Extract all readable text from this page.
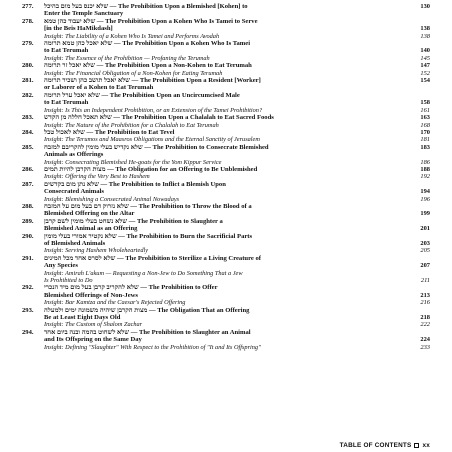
277.	שלא יכנס בעל מום בהיכל — The Prohibition Upon a Blemished [Kohen] to	130
Enter the Temple Sanctuary
278.	שלא יעבוד כהן טמא — The Prohibition Upon a Kohen Who Is Tamei to Serve
[in the Beis HaMikdash]	138
Insight: The Liability of a Kohen Who Is Tamei and Performs Avodah	138
279.	שלא יאכל כהן טמא תרומה — The Prohibition Upon a Kohen Who Is Tamei
to Eat Terumah	140
Insight: The Essence of the Prohibition — Profaning the Terumah	145
280.	שלא יאכל זר תרומה — The Prohibition Upon a Non-Kohen to Eat Terumah	147
Insight: The Financial Obligation of a Non-Kohen for Eating Terumah	152
281.	שלא יאכל תושב כהן ושכיר תרומה — The Prohibition Upon a Resident [Worker]	154
or Laborer of a Kohen to Eat Terumah
282.	שלא יאכל ערל תרומה — The Prohibition Upon an Uncircumcised Male
to Eat Terumah	158
Insight: Is This an Independent Prohibition, or an Extension of the Tamei Prohibition?	161
283.	שלא תאכל חללה מן הקדש — The Prohibition Upon a Chalalah to Eat Sacred Foods	163
Insight: The Nature of the Prohibition for a Chalalah to Eat Terumah	168
284.	שלא לאכול טבל — The Prohibition to Eat Tevel	170
Insight: The Terumos and Maasros Obligations and the Eternal Sanctity of Jerusalem	181
285.	שלא נקדיש בעלי מומין להקריבם למזבח — The Prohibition to Consecrate Blemished	183
Animals as Offerings
Insight: Consecrating Blemished He-goats for the Yom Kippur Service	186
286.	מצות הקרבן להיות תמים — The Obligation for an Offering to Be Unblemished	188
Insight: Offering the Very Best to Hashem	192
287.	שלא נתן מום בקדשים — The Prohibition to Inflict a Blemish Upon
Consecrated Animals	194
Insight: Blemishing a Consecrated Animal Nowadays	196
288.	שלא נזרוק דם בעל מום על המזבח — The Prohibition to Throw the Blood of a
Blemished Offering on the Altar	199
289.	שלא נשחט בעלי מומין לשם קרבן — The Prohibition to Slaughter a
Blemished Animal as an Offering	201
290.	שלא נקטיר אמורי בעלי מומין — The Prohibition to Burn the Sacrificial Parts
of Blemished Animals	203
Insight: Serving Hashem Wholeheartedly	205
291.	שלא לסרס אחד מכל המינים — The Prohibition to Sterilize a Living Creature of
Any Species	207
Insight: Amirah L'akum — Requesting a Non-Jew to Do Something That a Jew
Is Prohibited to Do	211
292.	שלא להקריב קרבן בעל מום מיד הנכרי — The Prohibition to Offer
Blemished Offerings of Non-Jews	213
Insight: Bar Kamtza and the Caesar's Rejected Offering	216
293.	מצות הקרבן שיהיה משמונה ימים ולמעלה — The Obligation That an Offering
Be at Least Eight Days Old	218
Insight: The Custom of Shalom Zachar	222
294.	שלא לשחוט בהמה ובנה ביום אחד — The Prohibition to Slaughter an Animal
and Its Offspring on the Same Day	224
Insight: Defining "Slaughter" With Respect to the Prohibition of "It and Its Offspring"	233
TABLE OF CONTENTS xx
